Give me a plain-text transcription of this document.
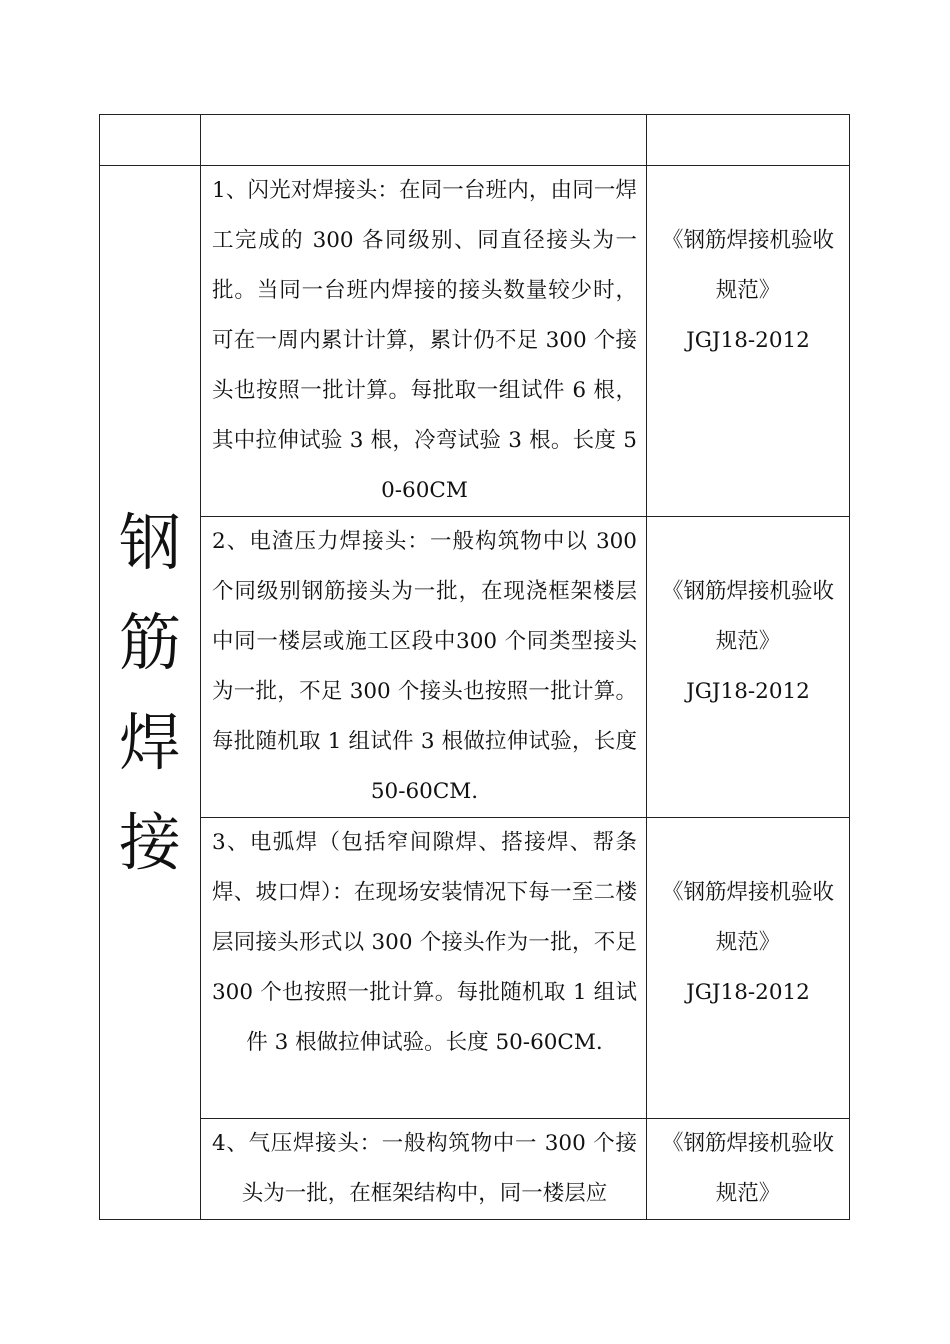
钢筋焊接	1、闪光对焊接头：在同一台班内，由同一焊工完成的 300 各同级别、同直径接头为一批。当同一台班内焊接的接头数量较少时，可在一周内累计计算，累计仍不足 300 个接头也按照一批计算。每批取一组试件 6 根，其中拉伸试验 3 根，冷弯试验 3 根。长度 50-60CM	《钢筋焊接机验收规范》
JGJ18-2012

	2、电渣压力焊接头：一般构筑物中以 300 个同级别钢筋接头为一批，在现浇框架楼层中同一楼层或施工区段中300 个同类型接头为一批，不足 300 个接头也按照一批计算。每批随机取 1 组试件 3 根做拉伸试验，长度 50-60CM.	《钢筋焊接机验收规范》
JGJ18-2012

	3、电弧焊（包括窄间隙焊、搭接焊、帮条焊、坡口焊）：在现场安装情况下每一至二楼层同接头形式以 300 个接头作为一批，不足 300 个也按照一批计算。每批随机取 1 组试件 3 根做拉伸试验。长度 50-60CM.	《钢筋焊接机验收规范》
JGJ18-2012

	4、气压焊接头：一般构筑物中一 300 个接头为一批，在框架结构中，同一楼层应	《钢筋焊接机验收规范》
